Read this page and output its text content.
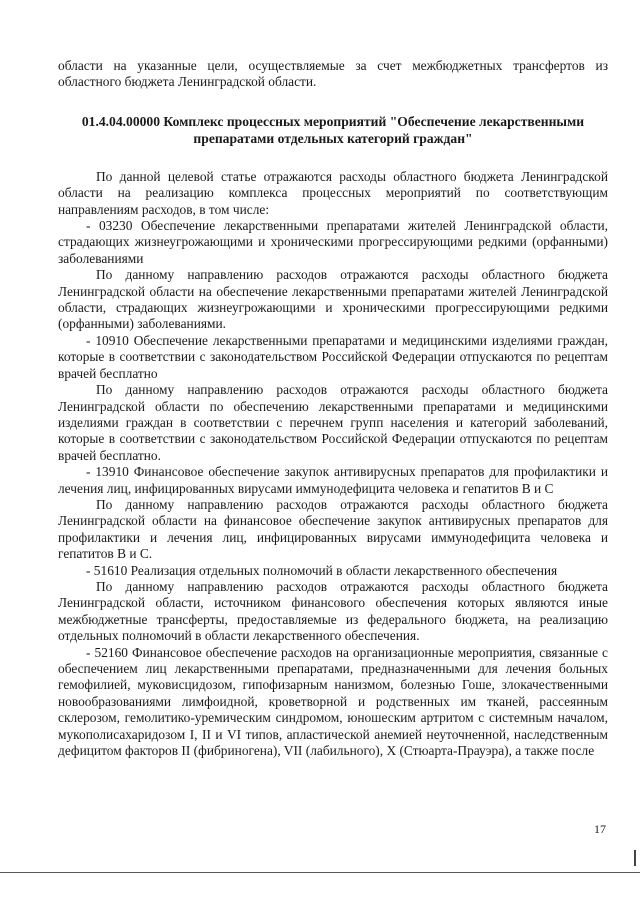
области на указанные цели, осуществляемые за счет межбюджетных трансфертов из областного бюджета Ленинградской области.

01.4.04.00000 Комплекс процессных мероприятий "Обеспечение лекарственными препаратами отдельных категорий граждан"

По данной целевой статье отражаются расходы областного бюджета Ленинградской области на реализацию комплекса процессных мероприятий по соответствующим направлениям расходов, в том числе:

- 03230 Обеспечение лекарственными препаратами жителей Ленинградской области, страдающих жизнеугрожающими и хроническими прогрессирующими редкими (орфанными) заболеваниями

По данному направлению расходов отражаются расходы областного бюджета Ленинградской области на обеспечение лекарственными препаратами жителей Ленинградской области, страдающих жизнеугрожающими и хроническими прогрессирующими редкими (орфанными) заболеваниями.

- 10910 Обеспечение лекарственными препаратами и медицинскими изделиями граждан, которые в соответствии с законодательством Российской Федерации отпускаются по рецептам врачей бесплатно

По данному направлению расходов отражаются расходы областного бюджета Ленинградской области по обеспечению лекарственными препаратами и медицинскими изделиями граждан в соответствии с перечнем групп населения и категорий заболеваний, которые в соответствии с законодательством Российской Федерации отпускаются по рецептам врачей бесплатно.

- 13910 Финансовое обеспечение закупок антивирусных препаратов для профилактики и лечения лиц, инфицированных вирусами иммунодефицита человека и гепатитов B и C

По данному направлению расходов отражаются расходы областного бюджета Ленинградской области на финансовое обеспечение закупок антивирусных препаратов для профилактики и лечения лиц, инфицированных вирусами иммунодефицита человека и гепатитов B и C.

- 51610 Реализация отдельных полномочий в области лекарственного обеспечения

По данному направлению расходов отражаются расходы областного бюджета Ленинградской области, источником финансового обеспечения которых являются иные межбюджетные трансферты, предоставляемые из федерального бюджета, на реализацию отдельных полномочий в области лекарственного обеспечения.

- 52160 Финансовое обеспечение расходов на организационные мероприятия, связанные с обеспечением лиц лекарственными препаратами, предназначенными для лечения больных гемофилией, муковисцидозом, гипофизарным нанизмом, болезнью Гоше, злокачественными новообразованиями лимфоидной, кроветворной и родственных им тканей, рассеянным склерозом, гемолитико-уремическим синдромом, юношеским артритом с системным началом, мукополисахаридозом I, II и VI типов, апластической анемией неуточненной, наследственным дефицитом факторов II (фибриногена), VII (лабильного), X (Стюарта-Прауэра), а также после

17
